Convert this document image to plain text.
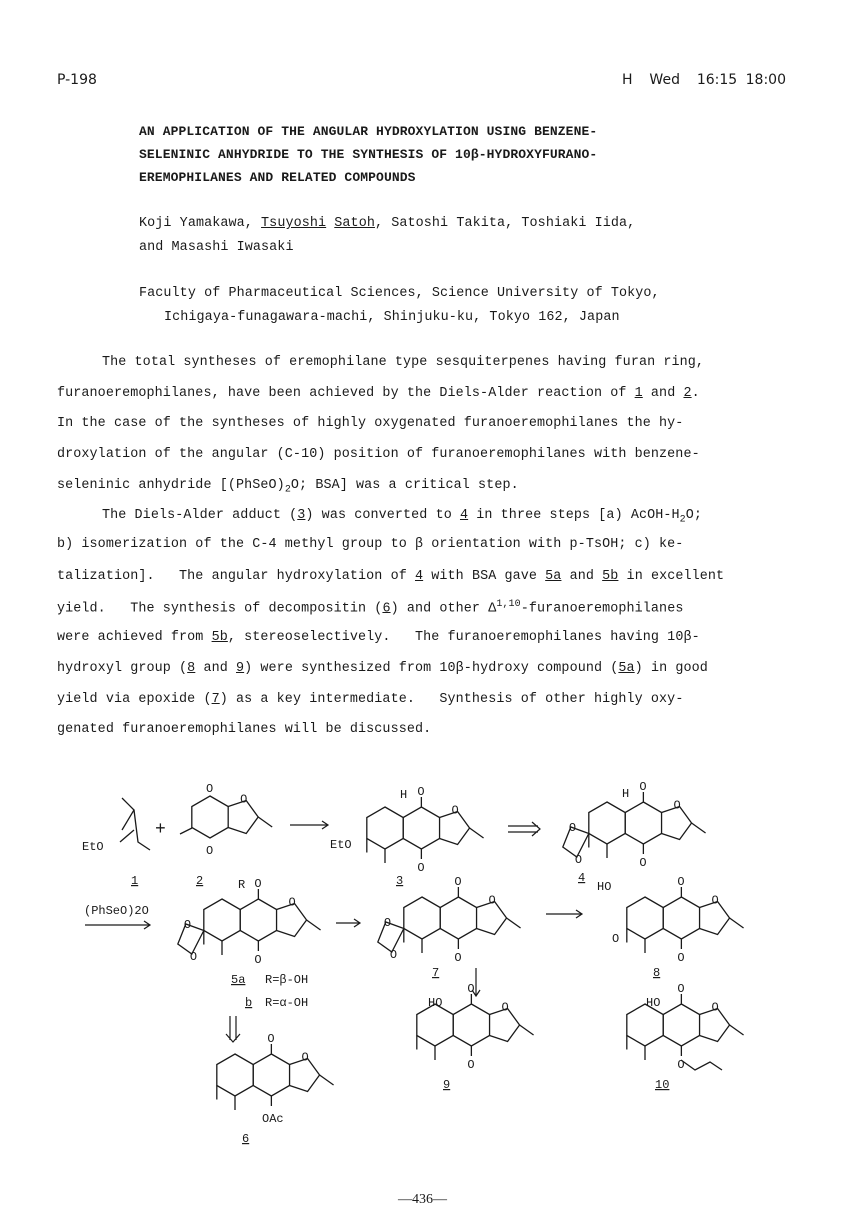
P-198	H  Wed  16:15 18:00
AN APPLICATION OF THE ANGULAR HYDROXYLATION USING BENZENE-
SELENINIC ANHYDRIDE TO THE SYNTHESIS OF 10β-HYDROXYFURANO-
EREMOPHILANES AND RELATED COMPOUNDS
Koji Yamakawa, Tsuyoshi Satoh, Satoshi Takita, Toshiaki Iida,
and Masashi Iwasaki
Faculty of Pharmaceutical Sciences, Science University of Tokyo,
Ichigaya-funagawara-machi, Shinjuku-ku, Tokyo 162, Japan
The total syntheses of eremophilane type sesquiterpenes having furan ring,
furanoeremophilanes, have been achieved by the Diels-Alder reaction of 1 and 2.
In the case of the syntheses of highly oxygenated furanoeremophilanes the hy-
droxylation of the angular (C-10) position of furanoeremophilanes with benzene-
seleninic anhydride [$(PhSeO)_2O$; BSA] was a critical step.
The Diels-Alder adduct (3) was converted to 4 in three steps [a) AcOH-$H_2O$;
b) isomerization of the C-4 methyl group to β orientation with p-TsOH; c) ke-
talization].   The angular hydroxylation of 4 with BSA gave 5a and 5b in excellent
yield.   The synthesis of decompositin (6) and other Δ$^{1,10}$-furanoeremophilanes
were achieved from 5b, stereoselectively.   The furanoeremophilanes having 10β-
hydroxyl group (8 and 9) were synthesized from 10β-hydroxy compound (5a) in good
yield via epoxide (7) as a key intermediate.   Synthesis of other highly oxy-
genated furanoeremophilanes will be discussed.
EtO
+
1	2
EtO
H
3
H
4
HO
(PhSeO)2O
R
5a R=β-OH
b R=α-OH
7	8
HO
9
HO
10
OAc
6
O
O
O
O
O
O
O
O
O
O
O
O
O
O
O
O
O
O
O
O
O
O
O
O
O
O
O
O
O
O
O
O
O
—436—
